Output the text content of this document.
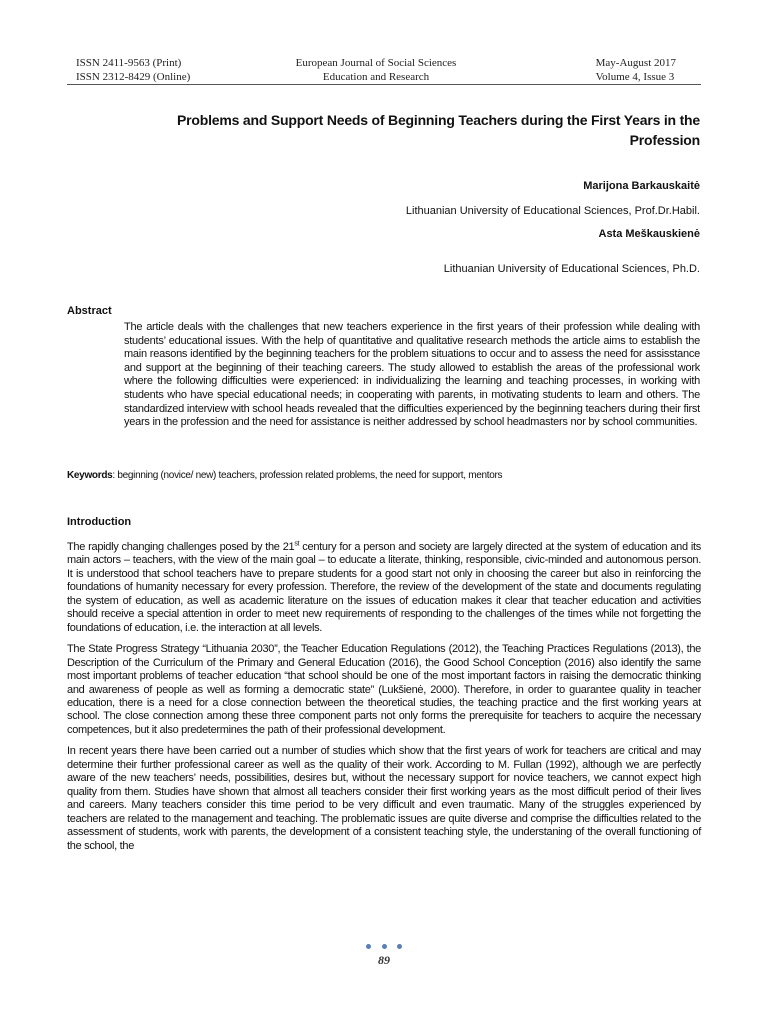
ISSN 2411-9563 (Print)
ISSN 2312-8429 (Online)
European Journal of Social Sciences
Education and Research
May-August 2017
Volume 4, Issue 3
Problems and Support Needs of Beginning Teachers during the First Years in the Profession
Marijona Barkauskaitė
Lithuanian University of Educational Sciences, Prof.Dr.Habil.
Asta Meškauskienė
Lithuanian University of Educational Sciences, Ph.D.
Abstract
The article deals with the challenges that new teachers experience in the first years of their profession while dealing with students’ educational issues. With the help of quantitative and qualitative research methods the article aims to establish the main reasons identified by the beginning teachers for the problem situations to occur and to assess the need for assisstance and support at the beginning of their teaching careers. The study allowed to establish the areas of the professional work where the following difficulties were experienced: in individualizing the learning and teaching processes, in working with students who have special educational needs; in cooperating with parents, in motivating students to learn and others. The standardized interview with school heads revealed that the difficulties experienced by the beginning teachers during their first years in the profession and the need for assistance is neither addressed by school headmasters nor by school communities.
Keywords: beginning (novice/ new) teachers, profession related problems, the need for support, mentors
Introduction

The rapidly changing challenges posed by the 21st century for a person and society are largely directed at the system of education and its main actors – teachers, with the view of the main goal – to educate a literate, thinking, responsible, civic-minded and autonomous person. It is understood that school teachers have to prepare students for a good start not only in choosing the career but also in reinforcing the foundations of humanity necessary for every profession. Therefore, the review of the development of the state and documents regulating the system of education, as well as academic literature on the issues of education makes it clear that teacher education and activities should receive a special attention in order to meet new requirements of responding to the challenges of the times while not forgetting the foundations of education, i.e. the interaction at all levels.

The State Progress Strategy “Lithuania 2030”, the Teacher Education Regulations (2012), the Teaching Practices Regulations (2013), the Description of the Curriculum of the Primary and General Education (2016), the Good School Conception (2016) also identify the same most important problems of teacher education “that school should be one of the most important factors in raising the democratic thinking and awareness of people as well as forming a democratic state” (Lukšienė, 2000). Therefore, in order to guarantee quality in teacher education, there is a need for a close connection between the theoretical studies, the teaching practice and the first working years at school. The close connection among these three component parts not only forms the prerequisite for teachers to acquire the necessary competences, but it also predetermines the path of their professional development.

In recent years there have been carried out a number of studies which show that the first years of work for teachers are critical and may determine their further professional career as well as the quality of their work. According to M. Fullan (1992), although we are perfectly aware of the new teachers’ needs, possibilities, desires but, without the necessary support for novice teachers, we cannot expect high quality from them. Studies have shown that almost all teachers consider their first working years as the most difficult period of their lives and careers. Many teachers consider this time period to be very difficult and even traumatic. Many of the struggles experienced by teachers are related to the management and teaching. The problematic issues are quite diverse and comprise the difficulties related to the assessment of students, work with parents, the development of a consistent teaching style, the understaning of the overall functioning of the school, the

89
